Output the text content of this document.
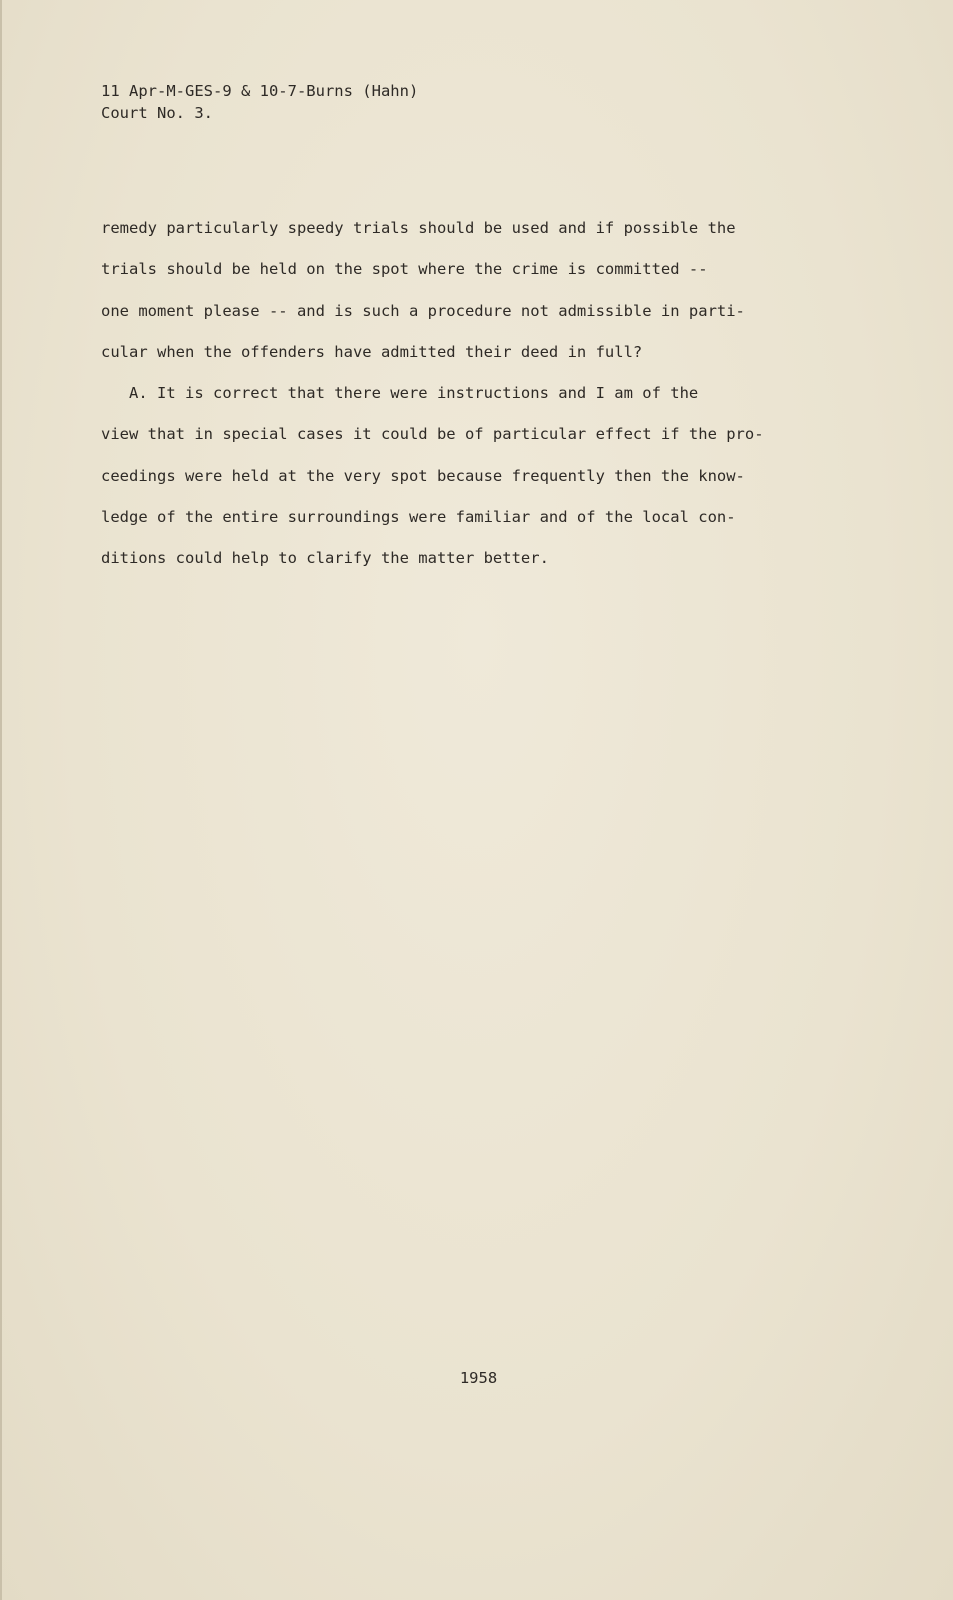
11 Apr-M-GES-9 & 10-7-Burns (Hahn)
Court No. 3.
remedy particularly speedy trials should be used and if possible the
trials should be held on the spot where the crime is committed --
one moment please -- and is such a procedure not admissible in parti-
cular when the offenders have admitted their deed in full?
A. It is correct that there were instructions and I am of the
view that in special cases it could be of particular effect if the pro-
ceedings were held at the very spot because frequently then the know-
ledge of the entire surroundings were familiar and of the local con-
ditions could help to clarify the matter better.
1958
